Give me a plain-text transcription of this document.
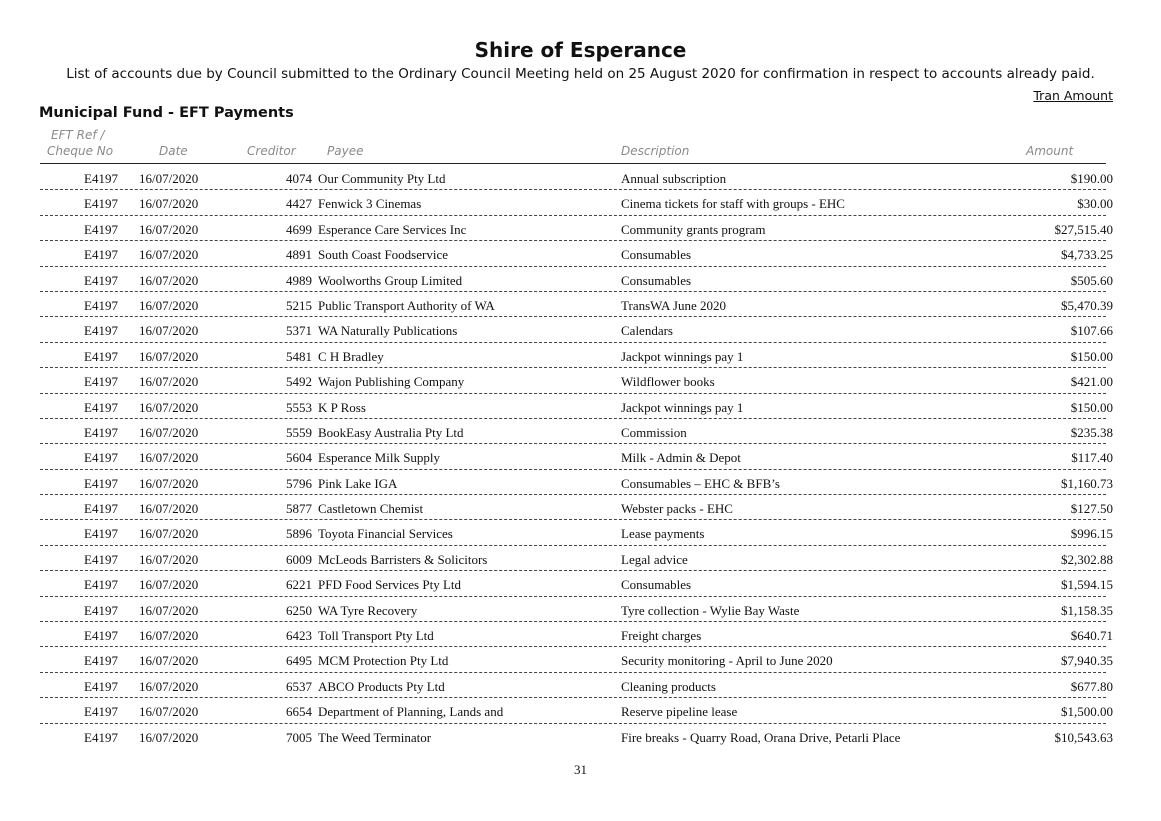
Shire of Esperance
List of accounts due by Council submitted to the Ordinary Council Meeting held on 25 August 2020 for confirmation in respect to accounts already paid.
Tran Amount
Municipal Fund - EFT Payments
EFT Ref /
Cheque No	Date	Creditor	Payee	Description	Amount
E4197 16/07/2020	4074 Our Community Pty Ltd	Annual subscription	$190.00
E4197 16/07/2020	4427 Fenwick 3 Cinemas	Cinema tickets for staff with groups - EHC	$30.00
E4197 16/07/2020	4699 Esperance Care Services Inc	Community grants program	$27,515.40
E4197 16/07/2020	4891 South Coast Foodservice	Consumables	$4,733.25
E4197 16/07/2020	4989 Woolworths Group Limited	Consumables	$505.60
E4197 16/07/2020	5215 Public Transport Authority of WA	TransWA June 2020	$5,470.39
E4197 16/07/2020	5371 WA Naturally Publications	Calendars	$107.66
E4197 16/07/2020	5481 C H Bradley	Jackpot winnings pay 1	$150.00
E4197 16/07/2020	5492 Wajon Publishing Company	Wildflower books	$421.00
E4197 16/07/2020	5553 K P Ross	Jackpot winnings pay 1	$150.00
E4197 16/07/2020	5559 BookEasy Australia Pty Ltd	Commission	$235.38
E4197 16/07/2020	5604 Esperance Milk Supply	Milk - Admin & Depot	$117.40
E4197 16/07/2020	5796 Pink Lake IGA	Consumables – EHC & BFB’s	$1,160.73
E4197 16/07/2020	5877 Castletown Chemist	Webster packs - EHC	$127.50
E4197 16/07/2020	5896 Toyota Financial Services	Lease payments	$996.15
E4197 16/07/2020	6009 McLeods Barristers & Solicitors	Legal advice	$2,302.88
E4197 16/07/2020	6221 PFD Food Services Pty Ltd	Consumables	$1,594.15
E4197 16/07/2020	6250 WA Tyre Recovery	Tyre collection - Wylie Bay Waste	$1,158.35
E4197 16/07/2020	6423 Toll Transport Pty Ltd	Freight charges	$640.71
E4197 16/07/2020	6495 MCM Protection Pty Ltd	Security monitoring - April to June 2020	$7,940.35
E4197 16/07/2020	6537 ABCO Products Pty Ltd	Cleaning products	$677.80
E4197 16/07/2020	6654 Department of Planning, Lands and	Reserve pipeline lease	$1,500.00
E4197 16/07/2020	7005 The Weed Terminator	Fire breaks - Quarry Road, Orana Drive, Petarli Place	$10,543.63
31
